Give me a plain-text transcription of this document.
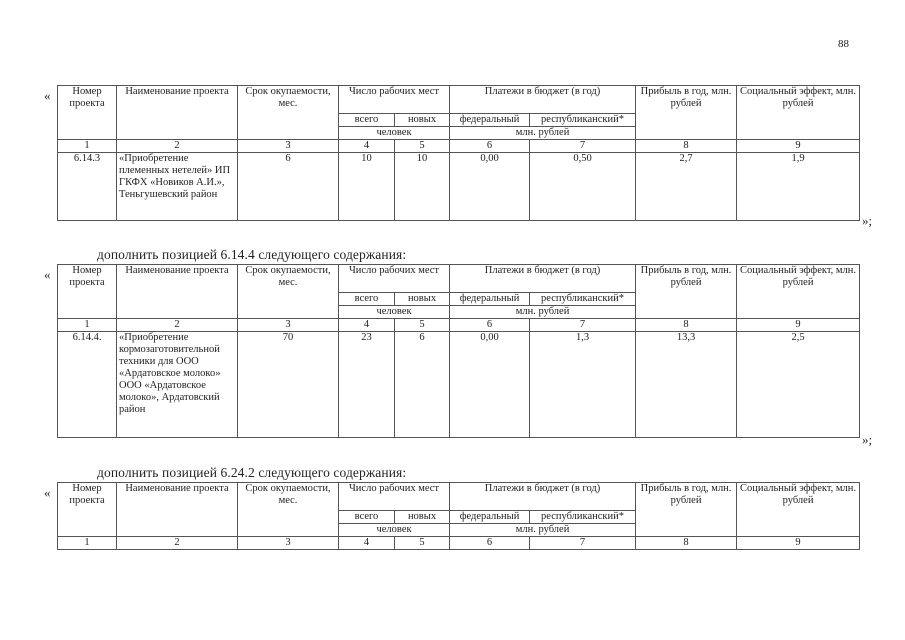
88
« Номер проекта	Наименование проекта	Срок окупаемости, мес.	Число рабочих мест		Платежи в бюджет (в год)		Прибыль в год, млн. рублей	Социальный эффект, млн. рублей
			всего	новых	федеральный	республиканский*		
			человек		млн. рублей			
1	2	3	4	5	6	7	8	9
6.14.3	«Приобретение племенных нетелей» ИП ГКФХ «Новиков А.И.», Теньгушевский район	6	10	10	0,00	0,50	2,7	1,9
»;
дополнить позицией 6.14.4 следующего содержания:
« Номер проекта	Наименование проекта	Срок окупаемости, мес.	Число рабочих мест		Платежи в бюджет (в год)		Прибыль в год, млн. рублей	Социальный эффект, млн. рублей
			всего	новых	федеральный	республиканский*		
			человек		млн. рублей			
1	2	3	4	5	6	7	8	9
6.14.4.	«Приобретение кормозаготовительной техники для ООО «Ардатовское молоко» ООО «Ардатовское молоко», Ардатовский район	70	23	6	0,00	1,3	13,3	2,5
»;
дополнить позицией 6.24.2 следующего содержания:
« Номер проекта	Наименование проекта	Срок окупаемости, мес.	Число рабочих мест		Платежи в бюджет (в год)		Прибыль в год, млн. рублей	Социальный эффект, млн. рублей
			всего	новых	федеральный	республиканский*		
			человек		млн. рублей			
1	2	3	4	5	6	7	8	9
